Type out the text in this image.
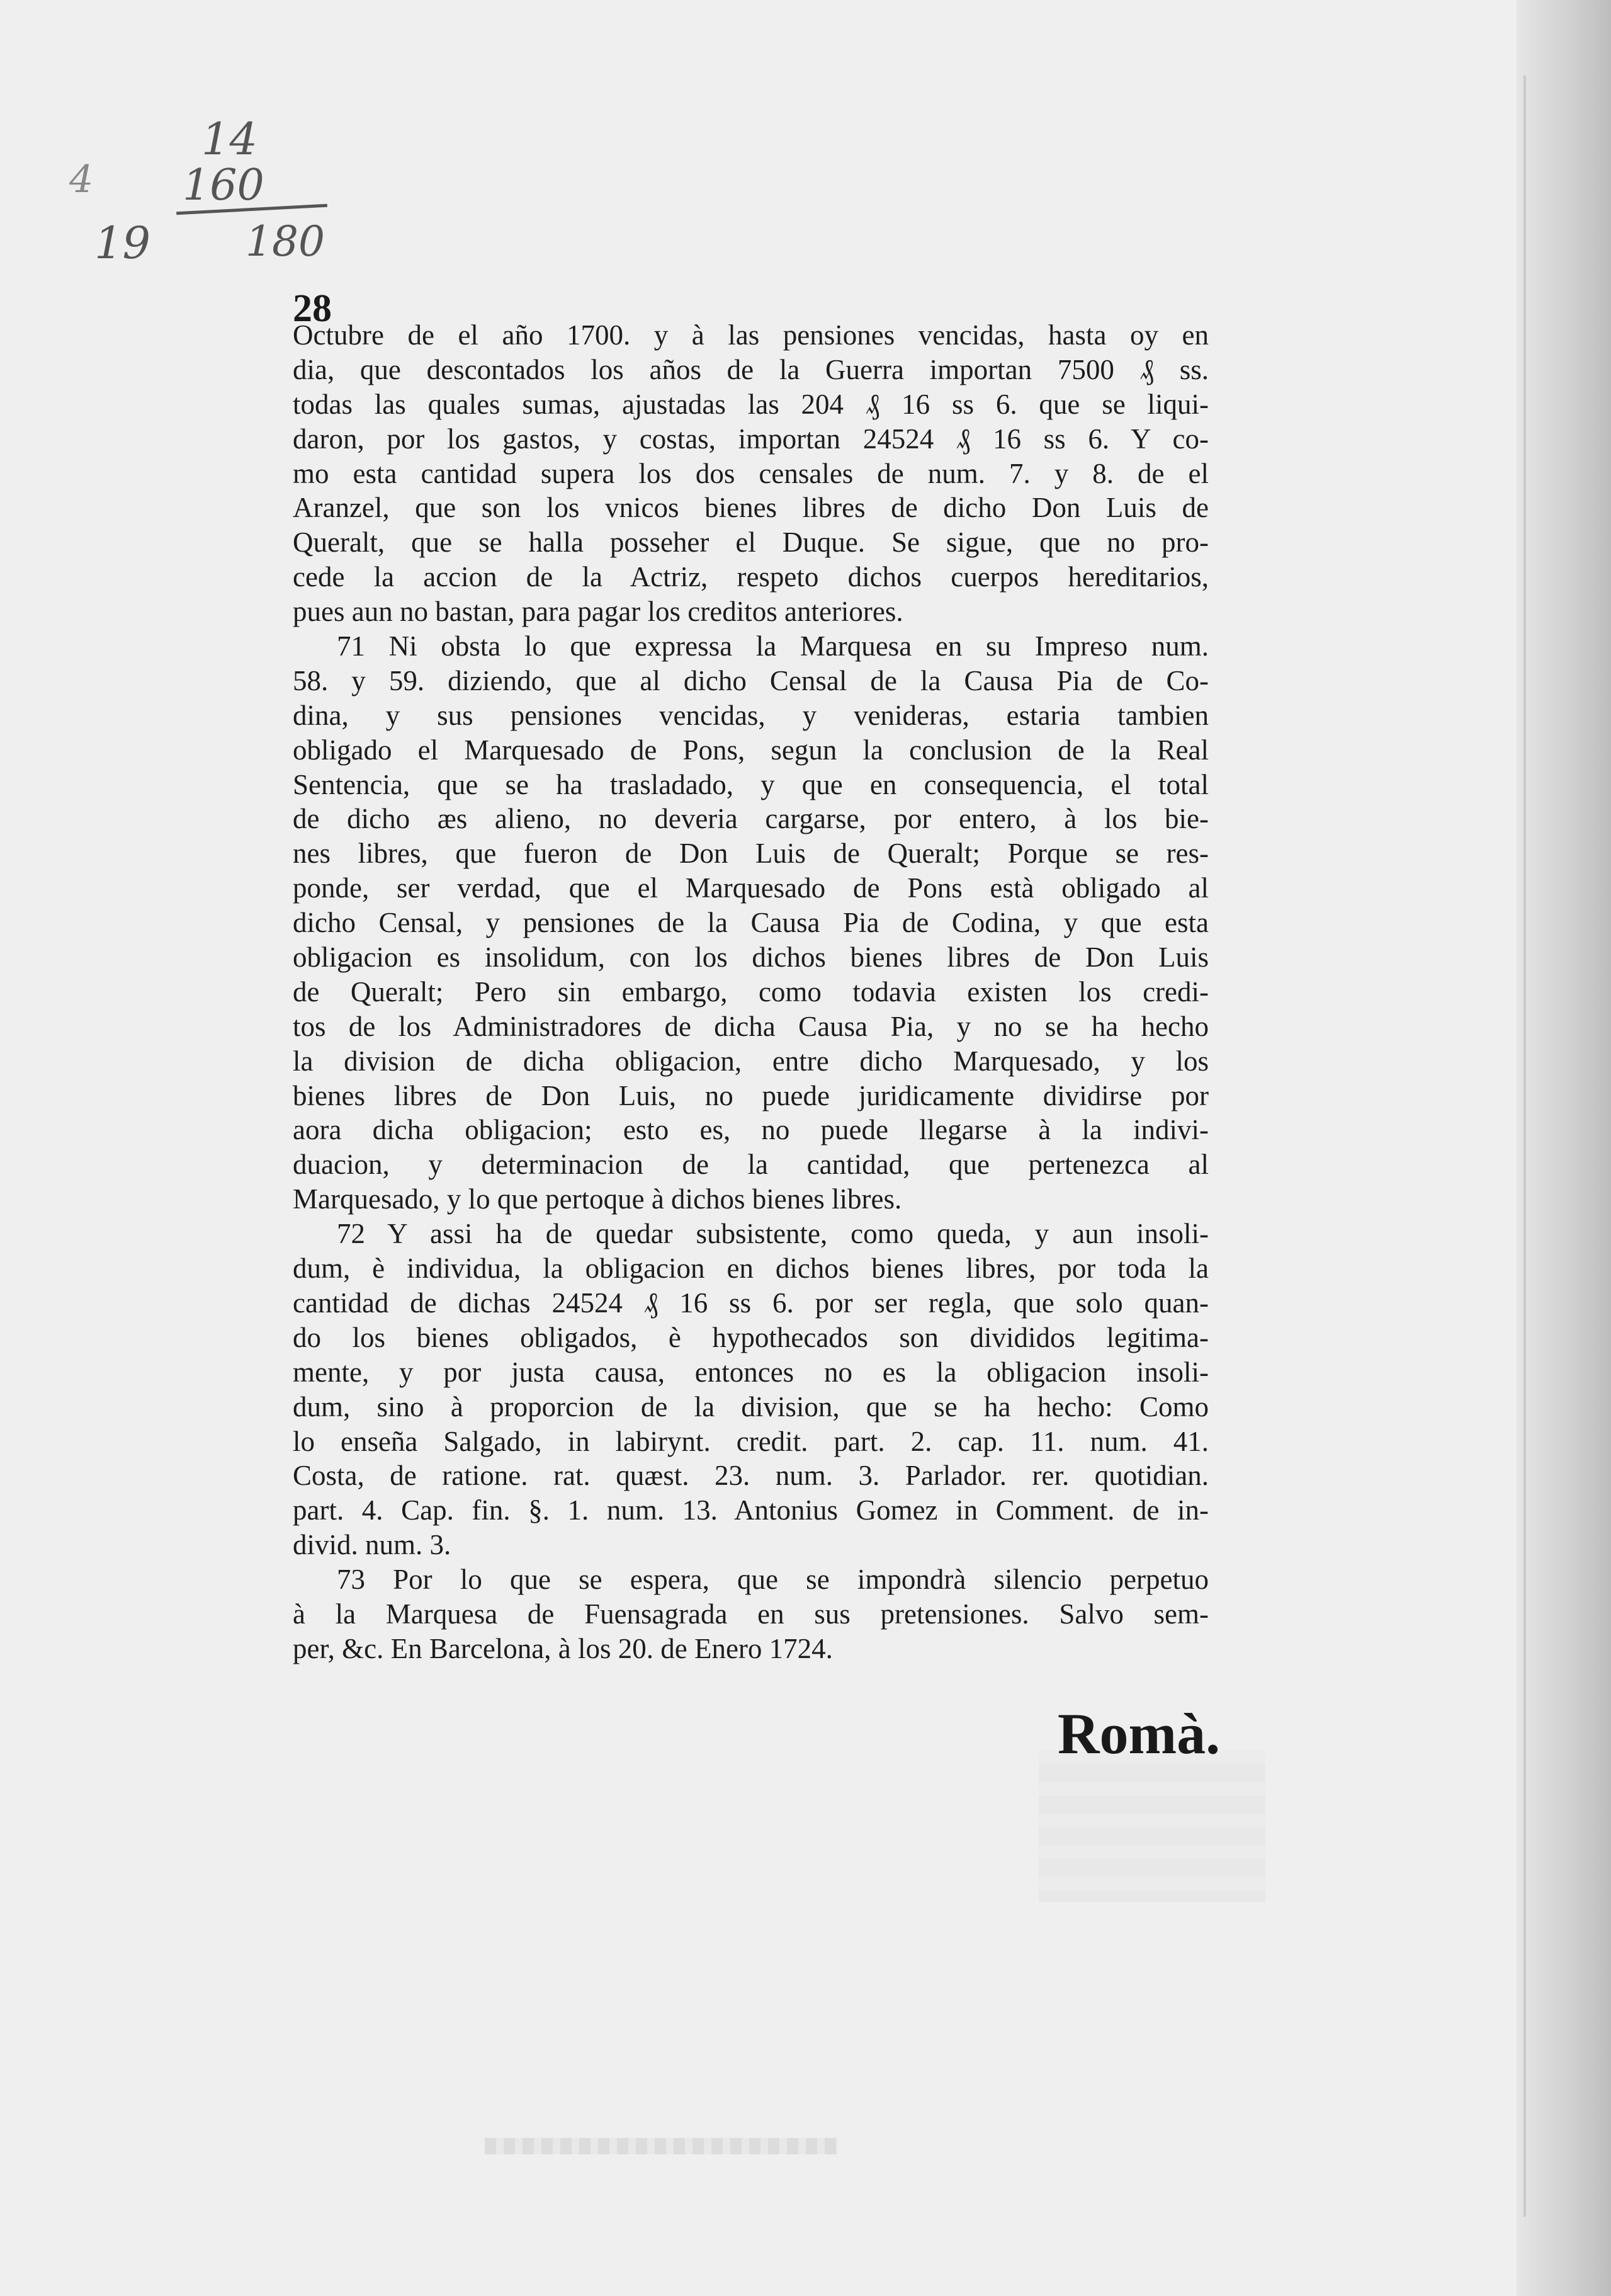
14
4 160
19 180
28
Octubre de el año 1700. y à las pensiones vencidas, hasta oy en
dia, que descontados los años de la Guerra importan 7500 ₰ ss.
todas las quales sumas, ajustadas las 204 ₰ 16 ss 6. que se liqui-
daron, por los gastos, y costas, importan 24524 ₰ 16 ss 6. Y co-
mo esta cantidad supera los dos censales de num. 7. y 8. de el
Aranzel, que son los vnicos bienes libres de dicho Don Luis de
Queralt, que se halla posseher el Duque. Se sigue, que no pro-
cede la accion de la Actriz, respeto dichos cuerpos hereditarios,
pues aun no bastan, para pagar los creditos anteriores.
71 Ni obsta lo que expressa la Marquesa en su Impreso num.
58. y 59. diziendo, que al dicho Censal de la Causa Pia de Co-
dina, y sus pensiones vencidas, y venideras, estaria tambien
obligado el Marquesado de Pons, segun la conclusion de la Real
Sentencia, que se ha trasladado, y que en consequencia, el total
de dicho æs alieno, no deveria cargarse, por entero, à los bie-
nes libres, que fueron de Don Luis de Queralt; Porque se res-
ponde, ser verdad, que el Marquesado de Pons està obligado al
dicho Censal, y pensiones de la Causa Pia de Codina, y que esta
obligacion es insolidum, con los dichos bienes libres de Don Luis
de Queralt; Pero sin embargo, como todavia existen los credi-
tos de los Administradores de dicha Causa Pia, y no se ha hecho
la division de dicha obligacion, entre dicho Marquesado, y los
bienes libres de Don Luis, no puede juridicamente dividirse por
aora dicha obligacion; esto es, no puede llegarse à la indivi-
duacion, y determinacion de la cantidad, que pertenezca al
Marquesado, y lo que pertoque à dichos bienes libres.
72 Y assi ha de quedar subsistente, como queda, y aun insoli-
dum, è individua, la obligacion en dichos bienes libres, por toda la
cantidad de dichas 24524 ₰ 16 ss 6. por ser regla, que solo quan-
do los bienes obligados, è hypothecados son divididos legitima-
mente, y por justa causa, entonces no es la obligacion insoli-
dum, sino à proporcion de la division, que se ha hecho: Como
lo enseña Salgado, in labirynt. credit. part. 2. cap. 11. num. 41.
Costa, de ratione. rat. quæst. 23. num. 3. Parlador. rer. quotidian.
part. 4. Cap. fin. §. 1. num. 13. Antonius Gomez in Comment. de in-
divid. num. 3.
73 Por lo que se espera, que se impondrà silencio perpetuo
à la Marquesa de Fuensagrada en sus pretensiones. Salvo sem-
per, &c. En Barcelona, à los 20. de Enero 1724.
Romà.
